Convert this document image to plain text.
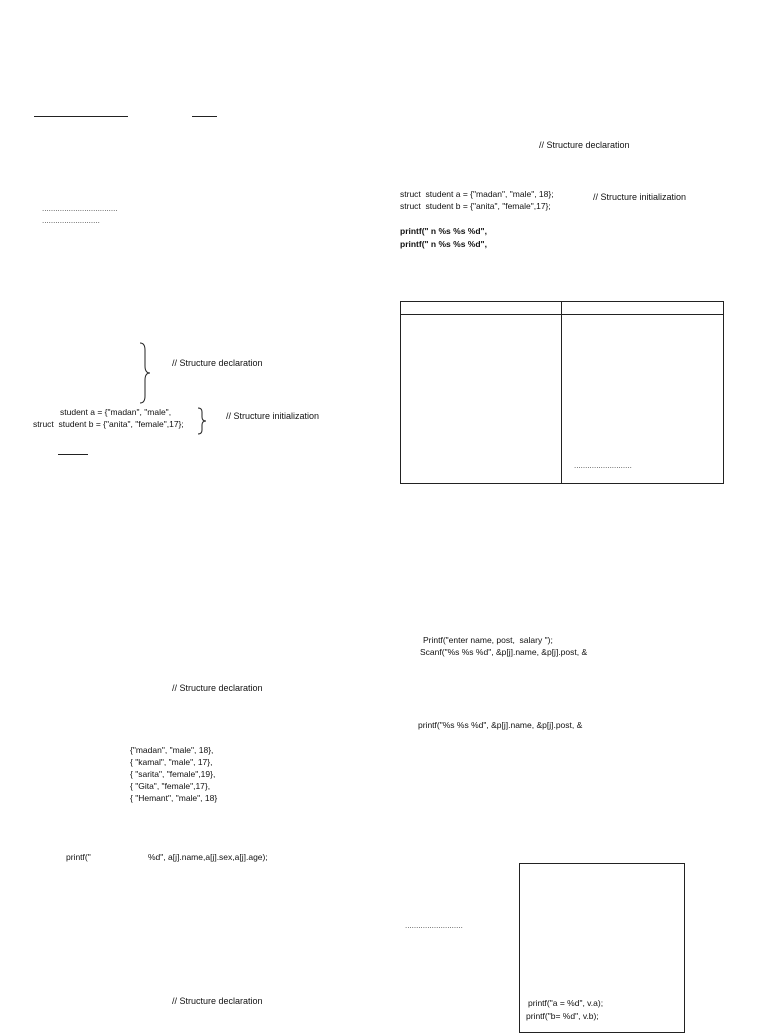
..................................
..........................
// Structure declaration
student a = {"madan", "male",
struct  student b = {"anita", "female",17};
// Structure initialization
// Structure declaration
{"madan", "male", 18},
{ "kamal", "male", 17},
{ "sarita", "female",19},
{ "Gita", "female",17},
{ "Hemant", "male", 18}
printf("	%d", a[j].name,a[j].sex,a[j].age);
// Structure declaration
// Structure declaration
struct  student a = {"madan", "male", 18};
struct  student b = {"anita", "female",17};
// Structure initialization
printf(" n %s %s %d",
printf(" n %s %s %d",
..........................
Printf("enter name, post,  salary ");
Scanf("%s %s %d", &p[j].name, &p[j].post, &
printf("%s %s %d", &p[j].name, &p[j].post, &
..........................
printf("a = %d", v.a);
printf("b= %d", v.b);
